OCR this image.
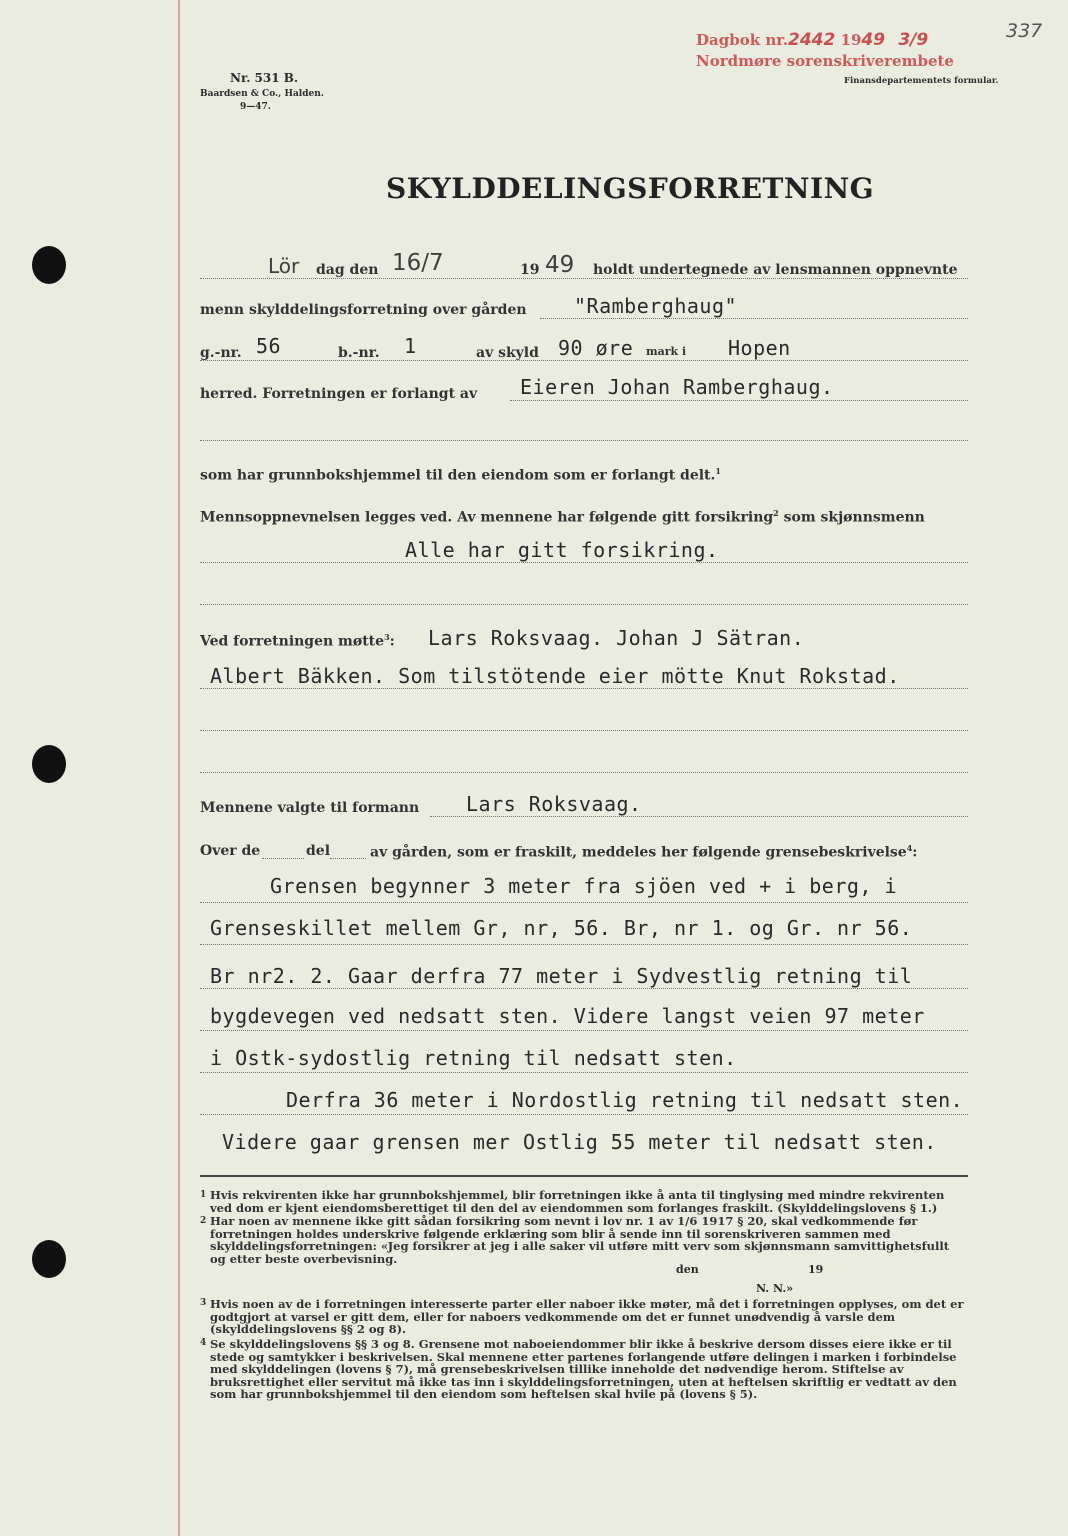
Nr. 531 B.
Baardsen & Co., Halden.
9—47.
Dagbok nr.2442 1949 3/9
Nordmøre sorenskriverembete
337
Finansdepartementets formular.
SKYLDDELINGSFORRETNING
Lör dag den 16/7	19 49 holdt undertegnede av lensmannen oppnevnte
menn skylddelingsforretning over gården "Ramberghaug"
g.-nr. 56	b.-nr. 1	av skyld 90 øre mark i Hopen
herred. Forretningen er forlangt av Eieren Johan Ramberghaug.
som har grunnbokshjemmel til den eiendom som er forlangt delt.$^1$
Mennsoppnevnelsen legges ved. Av mennene har følgende gitt forsikring$^2$ som skjønnsmenn
Alle har gitt forsikring.
Ved forretningen møtte$^3$: Lars Roksvaag. Johan J Sätran.
Albert Bäkken. Som tilstötende eier mötte Knut Rokstad.
Mennene valgte til formann Lars Roksvaag.
Over de	del	av gården, som er fraskilt, meddeles her følgende grensebeskrivelse$^4$:
Grensen begynner 3 meter fra sjöen ved + i berg, i
Grenseskillet mellem Gr, nr, 56. Br, nr 1. og Gr. nr 56.
Br nr2. 2. Gaar derfra 77 meter i Sydvestlig retning til
bygdevegen ved nedsatt sten. Videre langst veien 97 meter
i Ostk-sydostlig retning til nedsatt sten.
Derfra 36 meter i Nordostlig retning til nedsatt sten.
Videre gaar grensen mer Ostlig 55 meter til nedsatt sten.
1 Hvis rekvirenten ikke har grunnbokshjemmel, blir forretningen ikke å anta til tinglysing med mindre rekvirenten ved dom er kjent eiendomsberettiget til den del av eiendommen som forlanges fraskilt. (Skylddelingslovens § 1.)
2 Har noen av mennene ikke gitt sådan forsikring som nevnt i lov nr. 1 av 1/6 1917 § 20, skal vedkommende før forretningen holdes underskrive følgende erklæring som blir å sende inn til sorenskriveren sammen med skylddelingsforretningen: «Jeg forsikrer at jeg i alle saker vil utføre mitt verv som skjønnsmann samvittighetsfullt og etter beste overbevisning.
den	19
N. N.»
3 Hvis noen av de i forretningen interesserte parter eller naboer ikke møter, må det i forretningen opplyses, om det er godtgjort at varsel er gitt dem, eller for naboers vedkommende om det er funnet unødvendig å varsle dem (skylddelingslovens §§ 2 og 8).
4 Se skylddelingslovens §§ 3 og 8. Grensene mot naboeiendommer blir ikke å beskrive dersom disses eiere ikke er til stede og samtykker i beskrivelsen. Skal mennene etter partenes forlangende utføre delingen i marken i forbindelse med skylddelingen (lovens § 7), må grensebeskrivelsen tillike inneholde det nødvendige herom. Stiftelse av bruksrettighet eller servitut må ikke tas inn i skylddelingsforretningen, uten at heftelsen skriftlig er vedtatt av den som har grunnbokshjemmel til den eiendom som heftelsen skal hvile på (lovens § 5).
